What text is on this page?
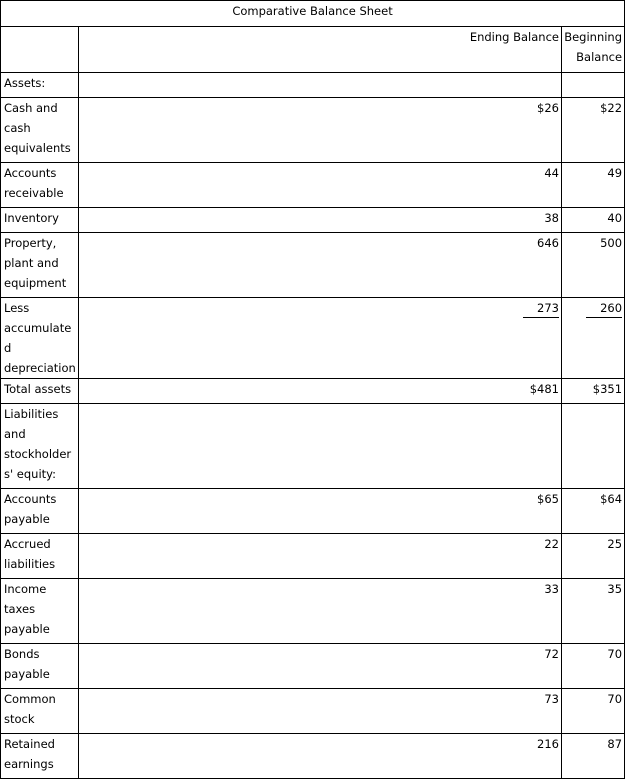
Comparative Balance Sheet		
	Ending Balance	Beginning Balance
Assets:		
Cash and cash equivalents	$26	$22
Accounts receivable	44	49
Inventory	38	40
Property, plant and equipment	646	500
Less accumulated depreciation	273	260
Total assets	$481	$351
Liabilities and stockholders' equity:		
Accounts payable	$65	$64
Accrued liabilities	22	25
Income taxes payable	33	35
Bonds payable	72	70
Common stock	73	70
Retained earnings	216	87
